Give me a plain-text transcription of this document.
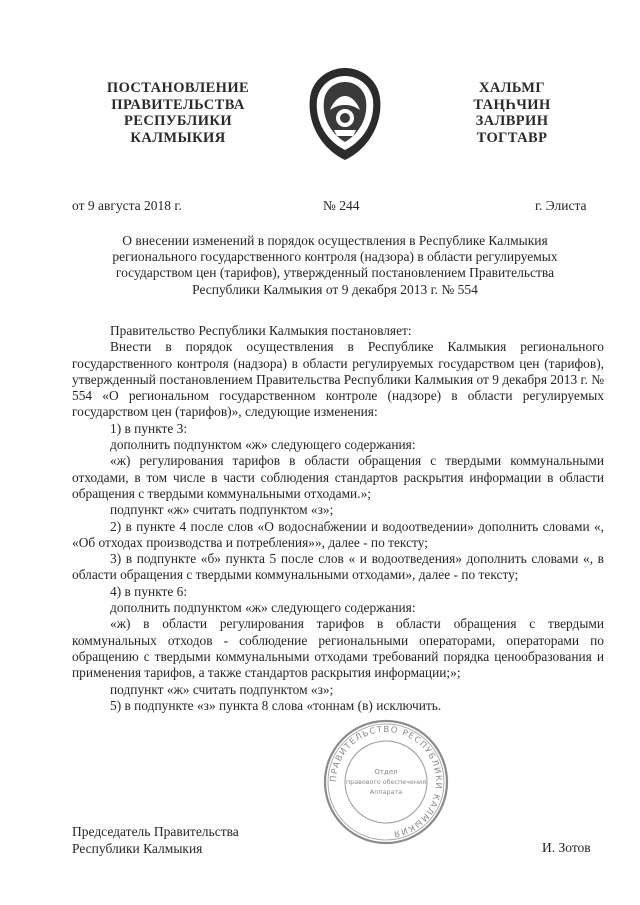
ПОСТАНОВЛЕНИЕ
ПРАВИТЕЛЬСТВА
РЕСПУБЛИКИ
КАЛМЫКИЯ
ХАЛЬМГ
ТАҢҺЧИН
ЗАЛВРИН
ТОГТАВР
от 9 августа 2018 г.	№ 244	г. Элиста
О внесении изменений в порядок осуществления в Республике Калмыкия
регионального государственного контроля (надзора) в области регулируемых
государством цен (тарифов), утвержденный постановлением Правительства
Республики Калмыкия от 9 декабря 2013 г. № 554

Правительство Республики Калмыкия постановляет:

Внести в порядок осуществления в Республике Калмыкия регионального государственного контроля (надзора) в области регулируемых государством цен (тарифов), утвержденный постановлением Правительства Республики Калмыкия от 9 декабря 2013 г. № 554 «О региональном государственном контроле (надзоре) в области регулируемых государством цен (тарифов)», следующие изменения:

1) в пункте 3:

дополнить подпунктом «ж» следующего содержания:

«ж) регулирования тарифов в области обращения с твердыми коммунальными отходами, в том числе в части соблюдения стандартов раскрытия информации в области обращения с твердыми коммунальными отходами.»;

подпункт «ж» считать подпунктом «з»;

2) в пункте 4 после слов «О водоснабжении и водоотведении» дополнить словами «, «Об отходах производства и потребления»», далее - по тексту;

3) в подпункте «б» пункта 5 после слов « и водоотведения» дополнить словами «, в области обращения с твердыми коммунальными отходами», далее - по тексту;

4) в пункте 6:

дополнить подпунктом «ж» следующего содержания:

«ж) в области регулирования тарифов в области обращения с твердыми коммунальных отходов - соблюдение региональными операторами, операторами по обращению с твердыми коммунальными отходами требований порядка ценообразования и применения тарифов, а также стандартов раскрытия информации;»;

подпункт «ж» считать подпунктом «з»;

5) в подпункте «з» пункта 8 слова «тоннам (в) исключить.

ПРАВИТЕЛЬСТВО РЕСПУБЛИКИ КАЛМЫКИЯ
Отдел
правового обеспечения
Аппарата
Председатель Правительства
Республики Калмыкия	И. Зотов
